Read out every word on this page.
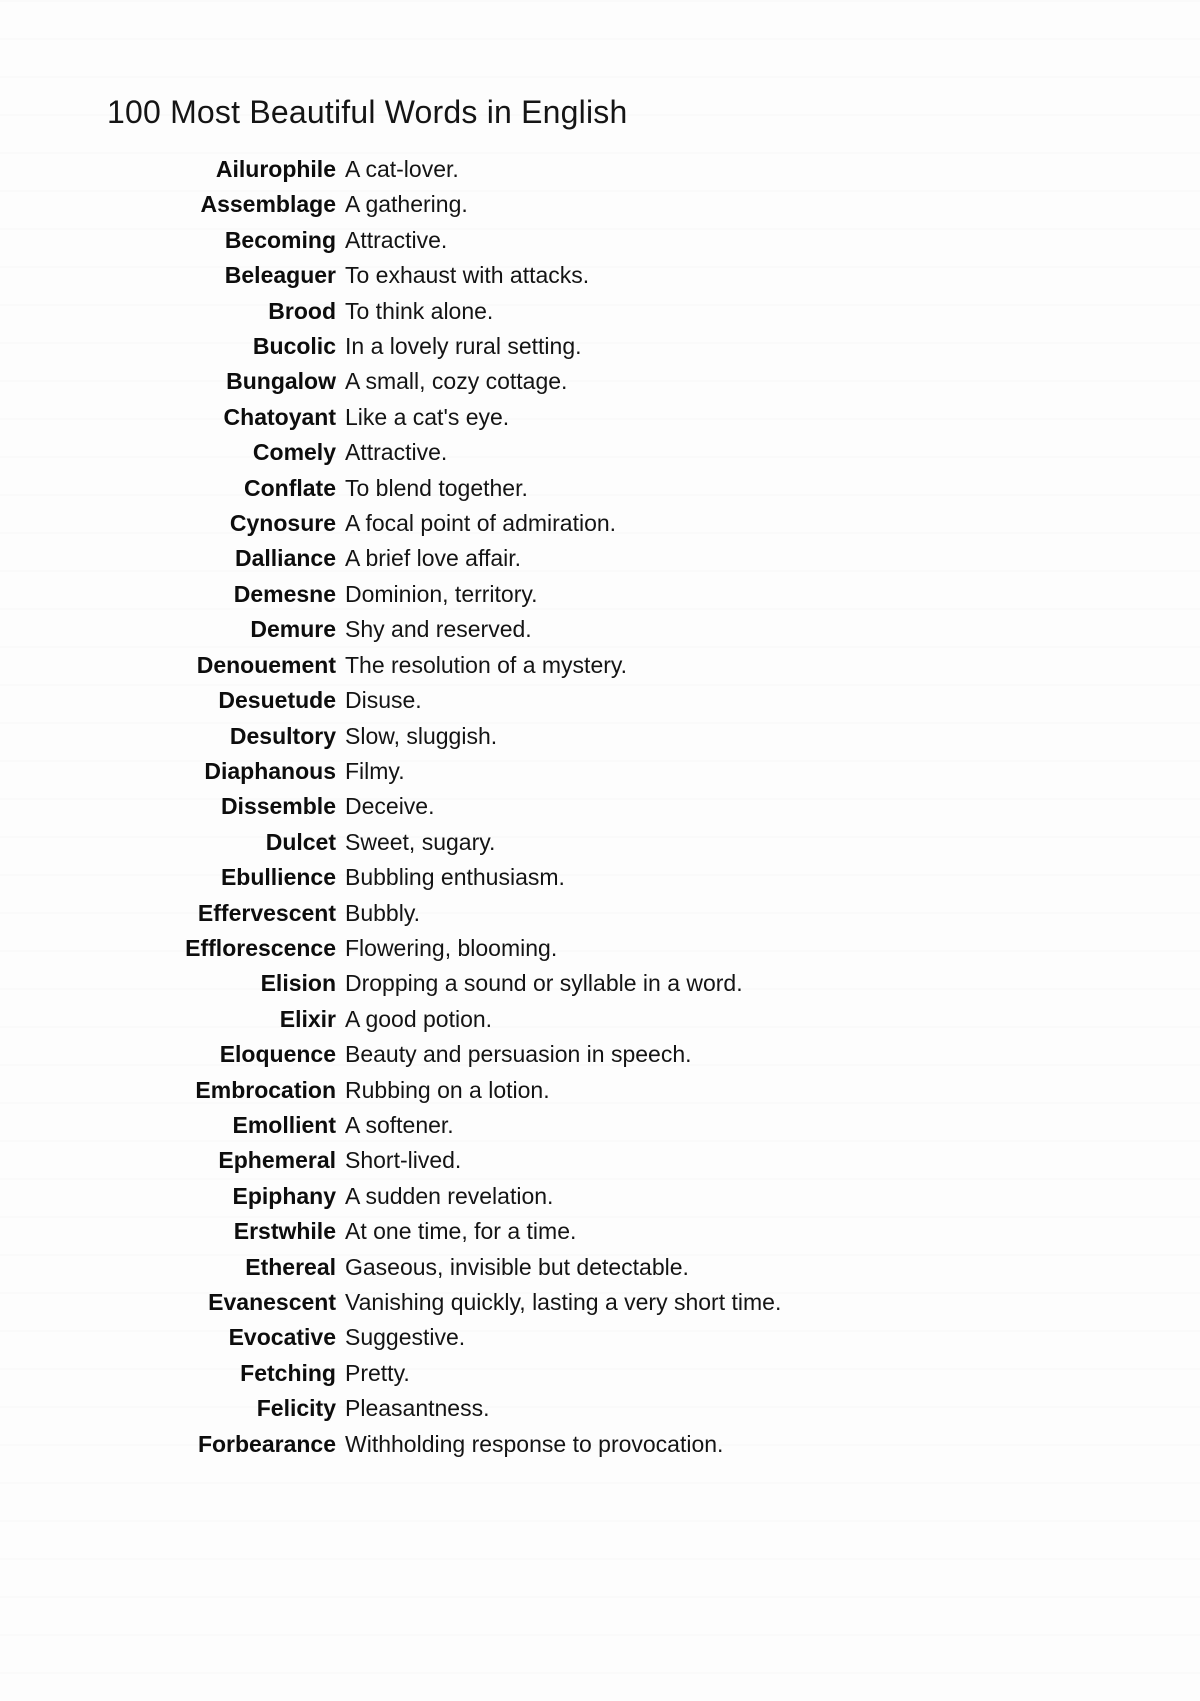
100 Most Beautiful Words in English
Ailurophile A cat-lover.
Assemblage A gathering.
Becoming Attractive.
Beleaguer To exhaust with attacks.
Brood To think alone.
Bucolic In a lovely rural setting.
Bungalow A small, cozy cottage.
Chatoyant Like a cat's eye.
Comely Attractive.
Conflate To blend together.
Cynosure A focal point of admiration.
Dalliance A brief love affair.
Demesne Dominion, territory.
Demure Shy and reserved.
Denouement The resolution of a mystery.
Desuetude Disuse.
Desultory Slow, sluggish.
Diaphanous Filmy.
Dissemble Deceive.
Dulcet Sweet, sugary.
Ebullience Bubbling enthusiasm.
Effervescent Bubbly.
Efflorescence Flowering, blooming.
Elision Dropping a sound or syllable in a word.
Elixir A good potion.
Eloquence Beauty and persuasion in speech.
Embrocation Rubbing on a lotion.
Emollient A softener.
Ephemeral Short-lived.
Epiphany A sudden revelation.
Erstwhile At one time, for a time.
Ethereal Gaseous, invisible but detectable.
Evanescent Vanishing quickly, lasting a very short time.
Evocative Suggestive.
Fetching Pretty.
Felicity Pleasantness.
Forbearance Withholding response to provocation.
